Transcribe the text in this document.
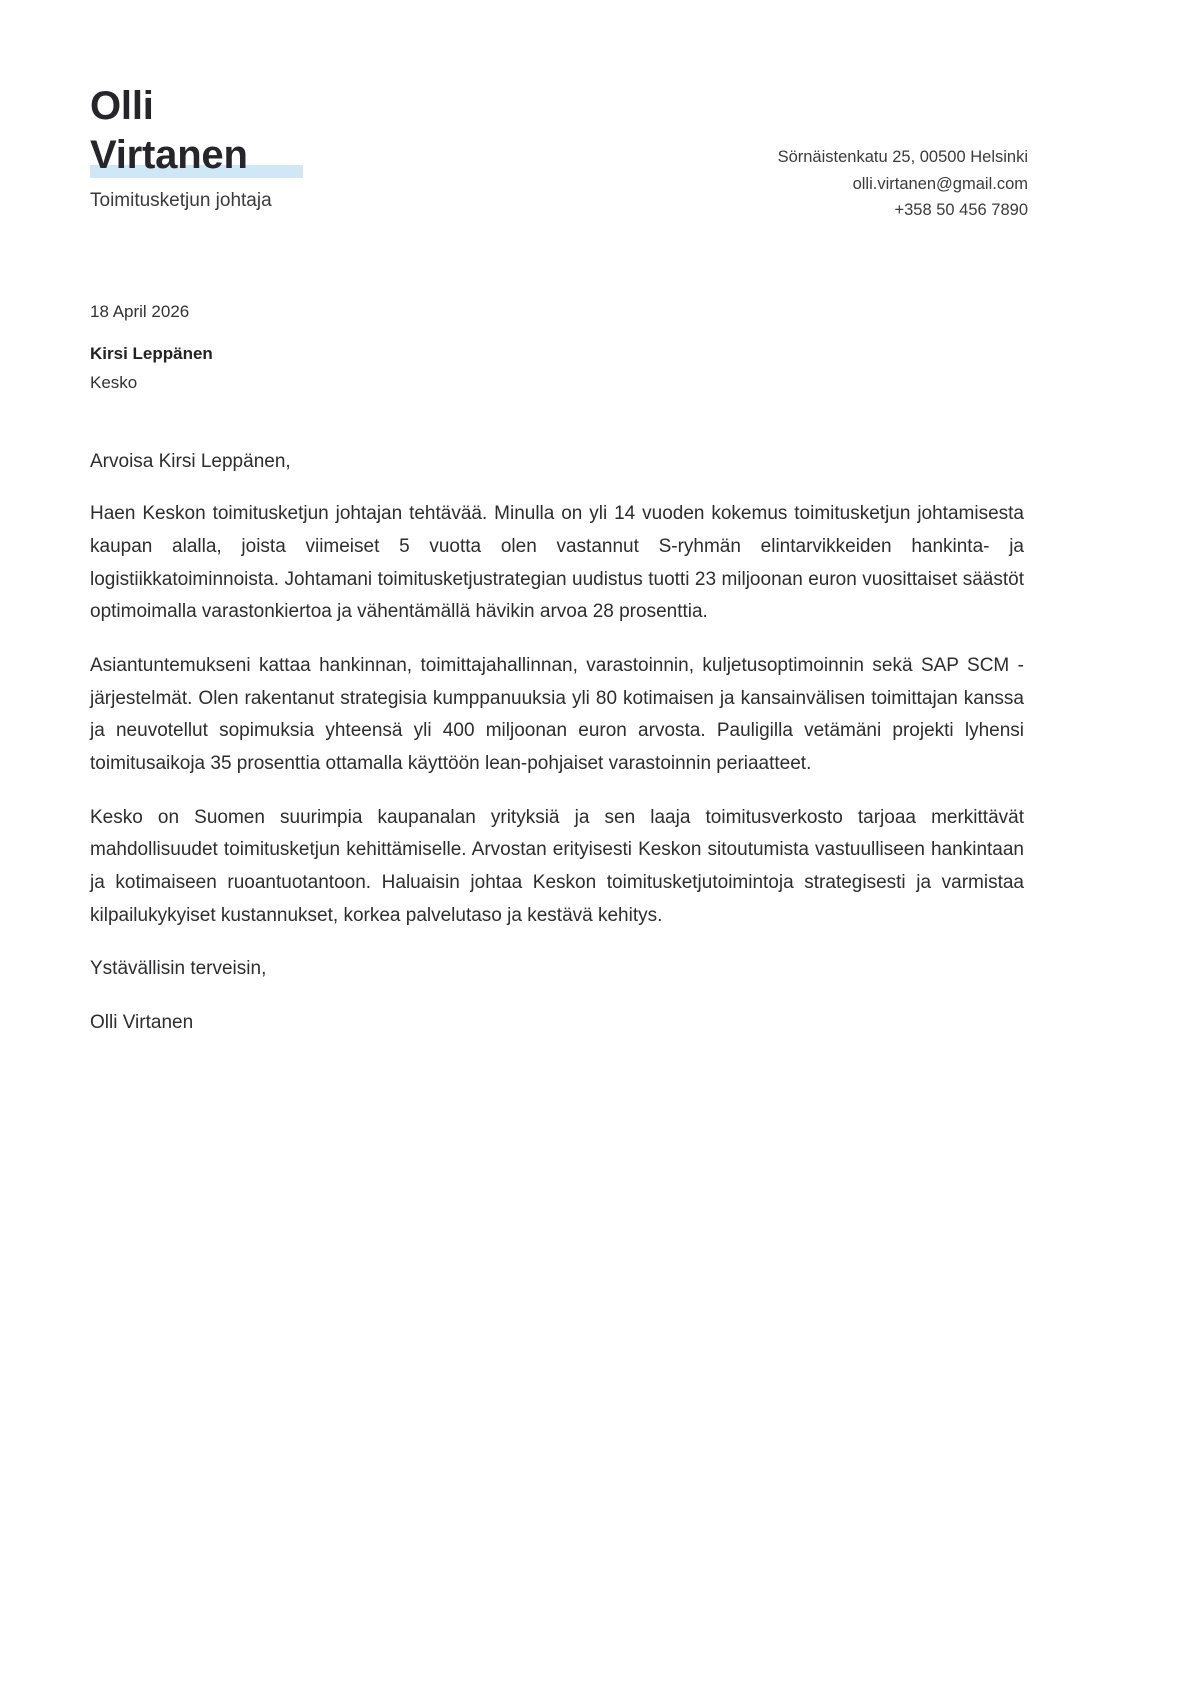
Olli
Virtanen
Toimitusketjun johtaja
Sörnäistenkatu 25, 00500 Helsinki
olli.virtanen@gmail.com
+358 50 456 7890
18 April 2026
Kirsi Leppänen
Kesko
Arvoisa Kirsi Leppänen,

Haen Keskon toimitusketjun johtajan tehtävää. Minulla on yli 14 vuoden kokemus toimitusketjun johtamisesta kaupan alalla, joista viimeiset 5 vuotta olen vastannut S-ryhmän elintarvikkeiden hankinta- ja logistiikkatoiminnoista. Johtamani toimitusketjustrategian uudistus tuotti 23 miljoonan euron vuosittaiset säästöt optimoimalla varastonkiertoa ja vähentämällä hävikin arvoa 28 prosenttia.

Asiantuntemukseni kattaa hankinnan, toimittajahallinnan, varastoinnin, kuljetusoptimoinnin sekä SAP SCM -järjestelmät. Olen rakentanut strategisia kumppanuuksia yli 80 kotimaisen ja kansainvälisen toimittajan kanssa ja neuvotellut sopimuksia yhteensä yli 400 miljoonan euron arvosta. Pauligilla vetämäni projekti lyhensi toimitusaikoja 35 prosenttia ottamalla käyttöön lean-pohjaiset varastoinnin periaatteet.

Kesko on Suomen suurimpia kaupanalan yrityksiä ja sen laaja toimitusverkosto tarjoaa merkittävät mahdollisuudet toimitusketjun kehittämiselle. Arvostan erityisesti Keskon sitoutumista vastuulliseen hankintaan ja kotimaiseen ruoantuotantoon. Haluaisin johtaa Keskon toimitusketjutoimintoja strategisesti ja varmistaa kilpailukykyiset kustannukset, korkea palvelutaso ja kestävä kehitys.

Ystävällisin terveisin,

Olli Virtanen
